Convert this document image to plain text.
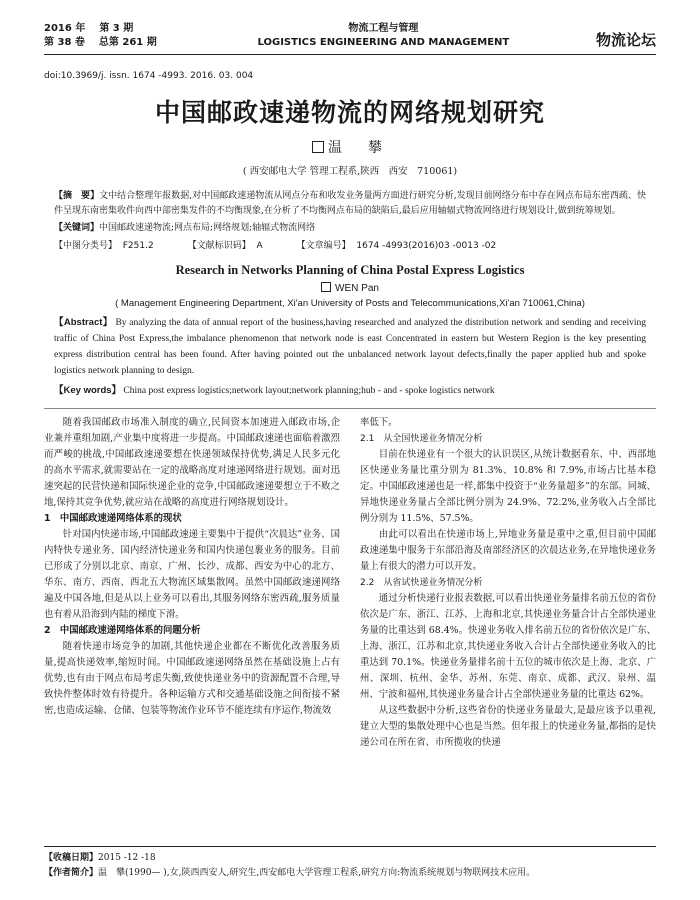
2016 年 第 3 期
第 38 卷 总第 261 期
物流工程与管理
LOGISTICS ENGINEERING AND MANAGEMENT	物流论坛
doi:10.3969/j. issn. 1674 -4993. 2016. 03. 004
中国邮政速递物流的网络规划研究
温　攀
( 西安邮电大学 管理工程系,陕西　西安　710061)
【摘　要】文中结合整理年报数据,对中国邮政速递物流从网点分布和收发业务量两方面进行研究分析,发现目前网络分布中存在网点布局东密西疏、快件呈现东南密集收件向西中部密集发件的不均衡现象,在分析了不均衡网点布局的缺陷后,最后应用轴辐式物流网络进行规划设计,做到统筹规划。
【关键词】中国邮政速递物流;网点布局;网络规划;轴辐式物流网络
【中图分类号】 F251.2	【文献标识码】 A	【文章编号】 1674 -4993(2016)03 -0013 -02
Research in Networks Planning of China Postal Express Logistics
WEN Pan
( Management Engineering Department, Xi'an University of Posts and Telecommunications,Xi'an 710061,China)
【Abstract】 By analyzing the data of annual report of the business,having researched and analyzed the distribution network and sending and receiving traffic of China Post Express,the imbalance phenomenon that network node is east Concentrated in eastern but Western Region is the key presenting express distribution central has been found. After having pointed out the unbalanced network layout defects,finally the paper applied hub and spoke logistics network planning to design.
【Key words】 China post express logistics;network layout;network planning;hub - and - spoke logistics network

随着我国邮政市场准入制度的确立,民间资本加速进入邮政市场,企业兼并重组加剧,产业集中度将进一步提高。中国邮政速递也面临着激烈而严峻的挑战,中国邮政速递要想在快递领域保持优势,满足人民多元化的高水平需求,就需要站在一定的战略高度对速递网络进行规划。面对迅速突起的民营快递和国际快递企业的竞争,中国邮政速递要想立于不败之地,保持其竞争优势,就应站在战略的高度进行网络规划设计。

1　中国邮政速递网络体系的现状

针对国内快递市场,中国邮政速递主要集中于提供“次晨达”业务、国内特快专递业务、国内经济快递业务和国内快递包裹业务的服务。目前已形成了分别以北京、南京、广州、长沙、成都、西安为中心的北方、华东、南方、西南、西北五大物流区域集散网。虽然中国邮政速递网络遍及中国各地,但是从以上业务可以看出,其服务网络东密西疏,服务质量也有着从沿海到内陆的梯度下滑。

2　中国邮政速递网络体系的问题分析

随着快递市场竞争的加剧,其他快递企业都在不断优化改善服务质量,提高快递效率,缩短时间。中国邮政速递网络虽然在基础设施上占有优势,也有由于网点布局考虑失衡,致使快递业务中的资源配置不合理,导致快件整体时效有待提升。各种运输方式和交通基础设施之间衔接不紧密,也造成运输、仓储、包装等物流作业环节不能连续有序运作,物流效

率低下。
2.1　从全国快递业务情况分析

目前在快递业有一个很大的认识误区,从统计数据看东、中、西部地区快递业务量比重分别为 81.3%、10.8% 和 7.9%,市场占比基本稳定。中国邮政速递也是一样,都集中投资于“业务量超多”的东部。同城、异地快递业务量占全部比例分别为 24.9%、72.2%,业务收入占全部比例分别为 11.5%、57.5%。

由此可以看出在快递市场上,异地业务量是重中之重,但目前中国邮政速递集中服务于东部沿海及南部经济区的次晨达业务,在异地快递业务量上有很大的潜力可以开发。

2.2　从省试快递业务情况分析

通过分析快递行业报表数据,可以看出快递业务量排名前五位的省份依次是广东、浙江、江苏、上海和北京,其快递业务量合计占全部快递业务量的比重达到 68.4%。快递业务收入排名前五位的省份依次是广东、上海、浙江、江苏和北京,其快递业务收入合计占全部快递业务收入的比重达到 70.1%。快递业务量排名前十五位的城市依次是上海、北京、广州、深圳、杭州、金华、苏州、东莞、南京、成都、武汉、泉州、温州、宁波和福州,其快递业务量合计占全部快递业务量的比重达 62%。

从这些数据中分析,这些省份的快递业务量最大,是最应该予以重视,建立大型的集散处理中心也是当然。但年报上的快递业务量,都指的是快递公司在所在省、市所揽收的快递

【收稿日期】2015 -12 -18
【作者简介】温　攀(1990— ),女,陕西西安人,研究生,西安邮电大学管理工程系,研究方向:物流系统规划与物联网技术应用。
